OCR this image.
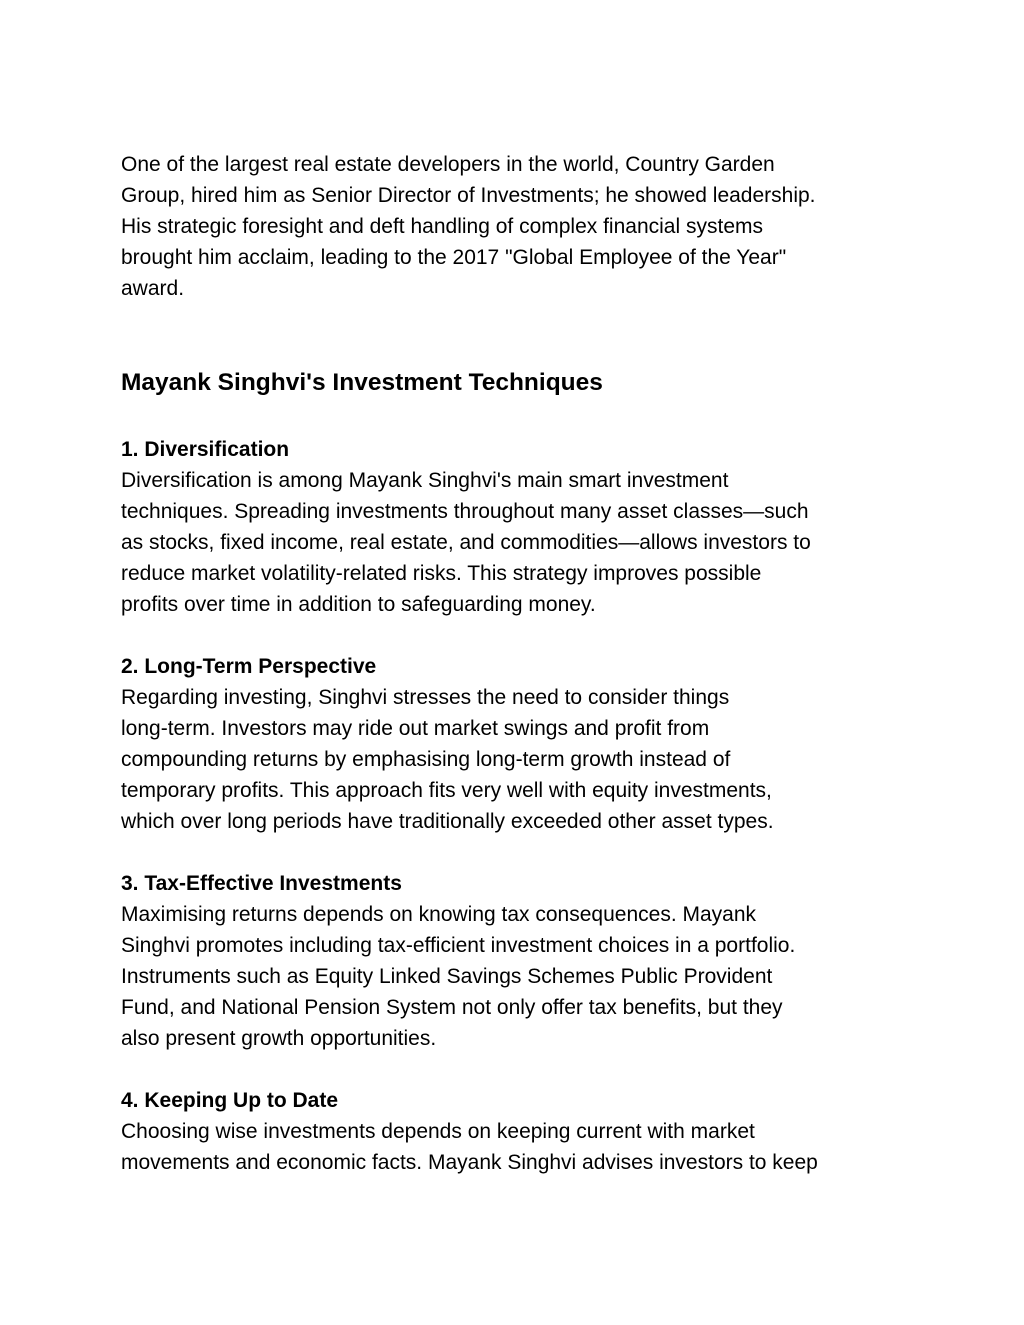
One of the largest real estate developers in the world, Country Garden
Group, hired him as Senior Director of Investments; he showed leadership.
His strategic foresight and deft handling of complex financial systems
brought him acclaim, leading to the 2017 "Global Employee of the Year"
award.
Mayank Singhvi's Investment Techniques
1. Diversification
Diversification is among Mayank Singhvi's main smart investment
techniques. Spreading investments throughout many asset classes—such
as stocks, fixed income, real estate, and commodities—allows investors to
reduce market volatility-related risks. This strategy improves possible
profits over time in addition to safeguarding money.
2. Long-Term Perspective
Regarding investing, Singhvi stresses the need to consider things
long-term. Investors may ride out market swings and profit from
compounding returns by emphasising long-term growth instead of
temporary profits. This approach fits very well with equity investments,
which over long periods have traditionally exceeded other asset types.
3. Tax-Effective Investments
Maximising returns depends on knowing tax consequences. Mayank
Singhvi promotes including tax-efficient investment choices in a portfolio.
Instruments such as Equity Linked Savings Schemes Public Provident
Fund, and National Pension System not only offer tax benefits, but they
also present growth opportunities.
4. Keeping Up to Date
Choosing wise investments depends on keeping current with market
movements and economic facts. Mayank Singhvi advises investors to keep
